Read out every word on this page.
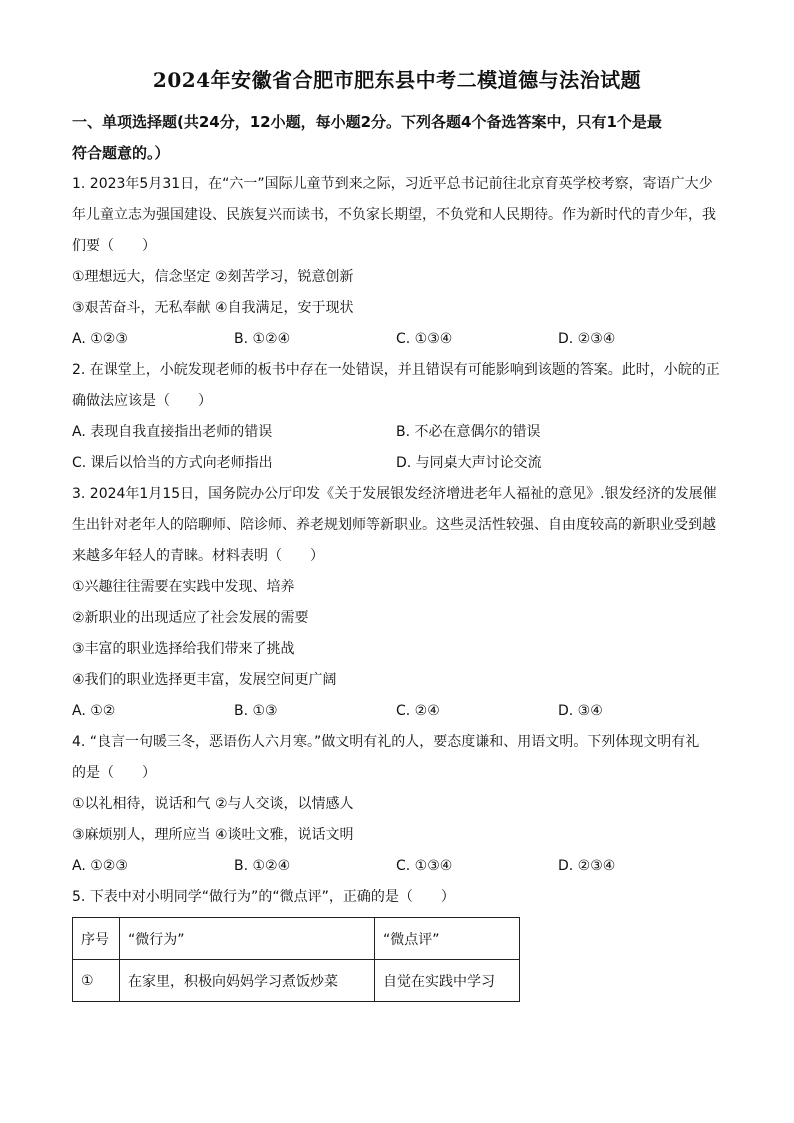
2024年安徽省合肥市肥东县中考二模道德与法治试题

一、单项选择题(共24分，12小题，每小题2分。下列各题4个备选答案中，只有1个是最

符合题意的。）

1. 2023年5月31日，在“六一”国际儿童节到来之际，习近平总书记前往北京育英学校考察，寄语广大少

年儿童立志为强国建设、民族复兴而读书，不负家长期望，不负党和人民期待。作为新时代的青少年，我

们要（　　）

①理想远大，信念坚定 ②刻苦学习，锐意创新

③艰苦奋斗，无私奉献 ④自我满足，安于现状

A. ①②③	B. ①②④	C. ①③④	D. ②③④

2. 在课堂上，小皖发现老师的板书中存在一处错误，并且错误有可能影响到该题的答案。此时，小皖的正

确做法应该是（　　）

A. 表现自我直接指出老师的错误	B. 不必在意偶尔的错误
C. 课后以恰当的方式向老师指出	D. 与同桌大声讨论交流

3. 2024年1月15日，国务院办公厅印发《关于发展银发经济增进老年人福祉的意见》.银发经济的发展催

生出针对老年人的陪聊师、陪诊师、养老规划师等新职业。这些灵活性较强、自由度较高的新职业受到越

来越多年轻人的青睐。材料表明（　　）

①兴趣往往需要在实践中发现、培养

②新职业的出现适应了社会发展的需要

③丰富的职业选择给我们带来了挑战

④我们的职业选择更丰富，发展空间更广阔

A. ①②	B. ①③	C. ②④	D. ③④

4. “良言一句暖三冬，恶语伤人六月寒。”做文明有礼的人，要态度谦和、用语文明。下列体现文明有礼

的是（　　）

①以礼相待，说话和气 ②与人交谈，以情感人

③麻烦别人，理所应当 ④谈吐文雅，说话文明

A. ①②③	B. ①②④	C. ①③④	D. ②③④

5. 下表中对小明同学“做行为”的“微点评”，正确的是（　　）

序号	“微行为”	“微点评”
①	在家里，积极向妈妈学习煮饭炒菜	自觉在实践中学习
